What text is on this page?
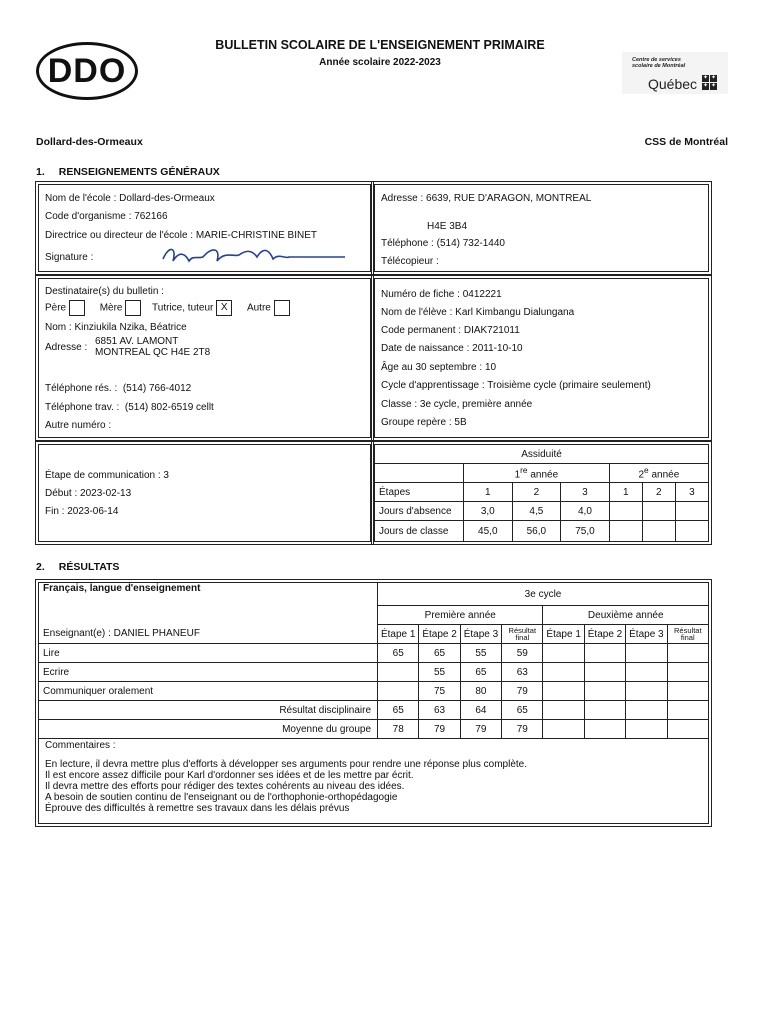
DDO
BULLETIN SCOLAIRE DE L'ENSEIGNEMENT PRIMAIRE
Année scolaire 2022-2023	Centre de services scolaire de Montréal
Québec ✦ ✦
✦ ✦
Dollard-des-Ormeaux	CSS de Montréal
1. RENSEIGNEMENTS GÉNÉRAUX
Nom de l'école : Dollard-des-Ormeaux
Code d'organisme : 762166
Directrice ou directeur de l'école : MARIE-CHRISTINE BINET
Signature :
Adresse : 6639, RUE D'ARAGON, MONTREAL
H4E 3B4
Téléphone : (514) 732-1440
Télécopieur :
Destinataire(s) du bulletin :
Père	Mère	Tutrice, tuteur X Autre
Nom : Kinziukila Nzika, Béatrice
Adresse :
6851 AV. LAMONT
MONTREAL QC H4E 2T8
Téléphone rés. : (514) 766-4012
Téléphone trav. : (514) 802-6519 cellt
Autre numéro :
Numéro de fiche : 0412221
Nom de l'élève : Karl Kimbangu Dialungana
Code permanent : DIAK721011
Date de naissance : 2011-10-10
Âge au 30 septembre : 10
Cycle d'apprentissage : Troisième cycle (primaire seulement)
Classe : 3e cycle, première année
Groupe repère : 5B
Étape de communication : 3
Début : 2023-02-13
Fin : 2023-06-14
Assiduité						
	1re année			2e année		
Étapes	1	2	3	1	2	3
Jours d'absence	3,0	4,5	4,0			
Jours de classe	45,0	56,0	75,0			
2. RÉSULTATS
Français, langue d'enseignement	3e cycle							
	Première année				Deuxième année			
Enseignant(e) : DANIEL PHANEUF	Étape 1	Étape 2	Étape 3	Résultat final	Étape 1	Étape 2	Étape 3	Résultat final
Lire	65	65	55	59				
Ecrire		55	65	63				
Communiquer oralement		75	80	79				
Résultat disciplinaire	65	63	64	65				
Moyenne du groupe	78	79	79	79				
Commentaires :
En lecture, il devra mettre plus d'efforts à développer ses arguments pour rendre une réponse plus complète.
Il est encore assez difficile pour Karl d'ordonner ses idées et de les mettre par écrit.
Il devra mettre des efforts pour rédiger des textes cohérents au niveau des idées.
A besoin de soutien continu de l'enseignant ou de l'orthophonie-orthopédagogie
Éprouve des difficultés à remettre ses travaux dans les délais prévus
